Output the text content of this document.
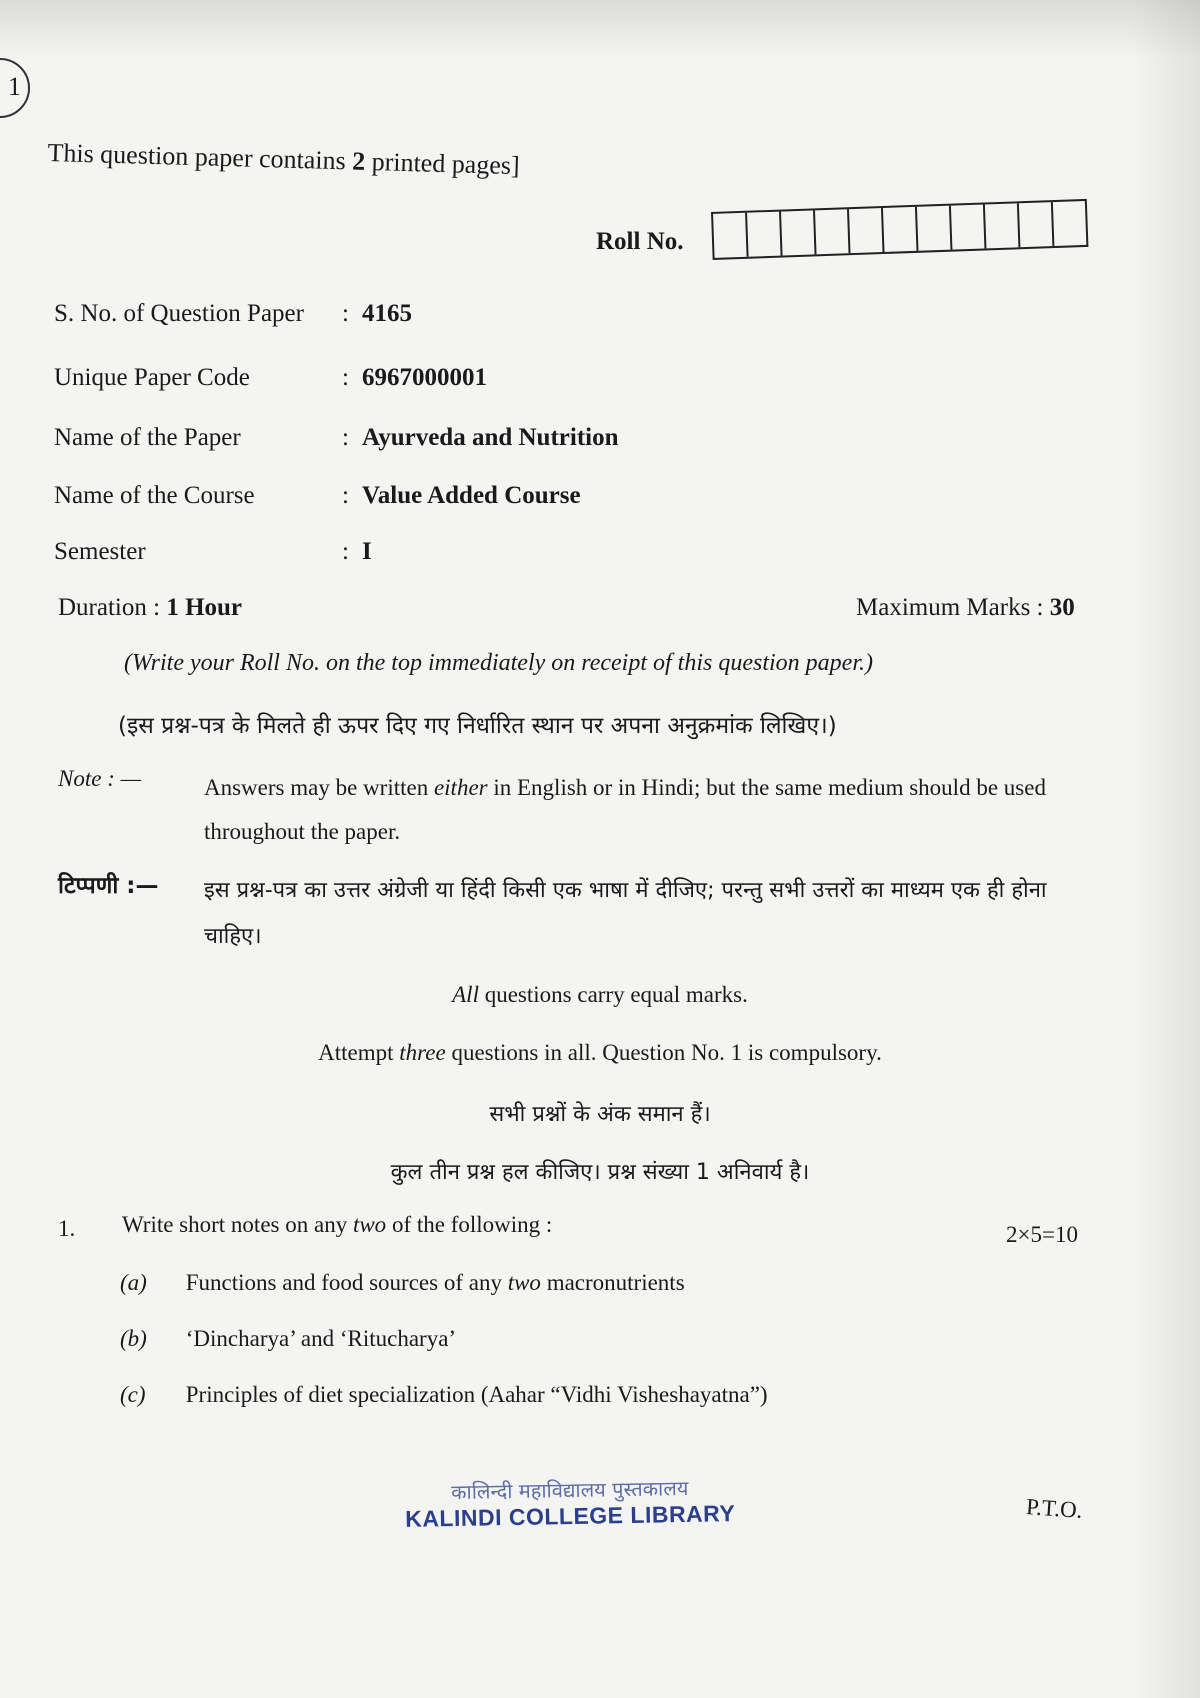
1
This question paper contains 2 printed pages]
Roll No.
S. No. of Question Paper : 4165
Unique Paper Code	: 6967000001
Name of the Paper	: Ayurveda and Nutrition
Name of the Course	: Value Added Course
Semester	: I
Duration : 1 Hour	Maximum Marks : 30
(Write your Roll No. on the top immediately on receipt of this question paper.)
(इस प्रश्न-पत्र के मिलते ही ऊपर दिए गए निर्धारित स्थान पर अपना अनुक्रमांक लिखिए।)
Note : —	Answers may be written either in English or in Hindi; but the same medium should be used throughout the paper.
टिप्पणी :— इस प्रश्न-पत्र का उत्तर अंग्रेजी या हिंदी किसी एक भाषा में दीजिए; परन्तु सभी उत्तरों का माध्यम एक ही होना चाहिए।
All questions carry equal marks.
Attempt three questions in all. Question No. 1 is compulsory.
सभी प्रश्नों के अंक समान हैं।
कुल तीन प्रश्न हल कीजिए। प्रश्न संख्या 1 अनिवार्य है।
1. Write short notes on any two of the following :	2×5=10
(a) Functions and food sources of any two macronutrients
(b) ‘Dincharya’ and ‘Ritucharya’
(c) Principles of diet specialization (Aahar “Vidhi Visheshayatna”)
कालिन्दी महाविद्यालय पुस्तकालय
KALINDI COLLEGE LIBRARY	P.T.O.
